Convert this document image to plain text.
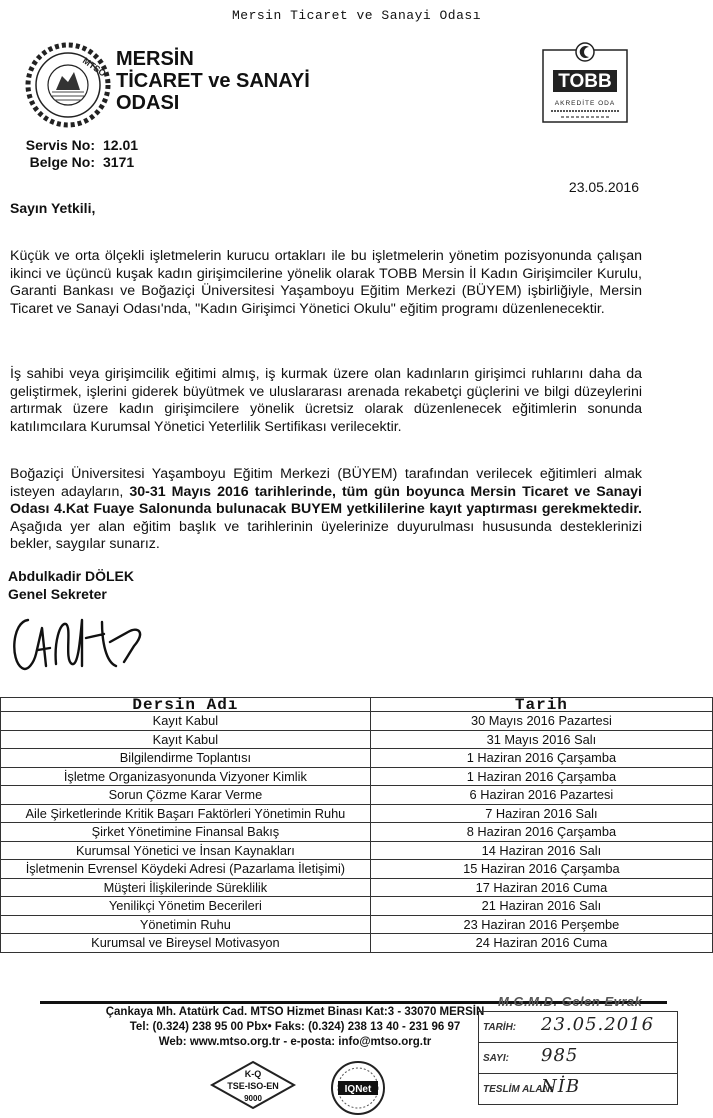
Mersin Ticaret ve Sanayi Odası
MTSO MERSİN
TİCARET ve SANAYİ
ODASI
TOBB
AKREDİTE ODA
Servis No: 12.01
Belge No: 3171
23.05.2016
Sayın Yetkili,

Küçük ve orta ölçekli işletmelerin kurucu ortakları ile bu işletmelerin yönetim pozisyonunda çalışan ikinci ve üçüncü kuşak kadın girişimcilerine yönelik olarak TOBB Mersin İl Kadın Girişimciler Kurulu, Garanti Bankası ve Boğaziçi Üniversitesi Yaşamboyu Eğitim Merkezi (BÜYEM) işbirliğiyle, Mersin Ticaret ve Sanayi Odası'nda, "Kadın Girişimci Yönetici Okulu" eğitim programı düzenlenecektir.

İş sahibi veya girişimcilik eğitimi almış, iş kurmak üzere olan kadınların girişimci ruhlarını daha da geliştirmek, işlerini giderek büyütmek ve uluslararası arenada rekabetçi güçlerini ve bilgi düzeylerini artırmak üzere kadın girişimcilere yönelik ücretsiz olarak düzenlenecek eğitimlerin sonunda katılımcılara Kurumsal Yönetici Yeterlilik Sertifikası verilecektir.

Boğaziçi Üniversitesi Yaşamboyu Eğitim Merkezi (BÜYEM) tarafından verilecek eğitimleri almak isteyen adayların, 30-31 Mayıs 2016 tarihlerinde, tüm gün boyunca Mersin Ticaret ve Sanayi Odası 4.Kat Fuaye Salonunda bulunacak BUYEM yetkililerine kayıt yaptırması gerekmektedir. Aşağıda yer alan eğitim başlık ve tarihlerinin üyelerinize duyurulması hususunda desteklerinizi bekler, saygılar sunarız.

Abdulkadir DÖLEK
Genel Sekreter
Dersin Adı	Tarih
Kayıt Kabul	30 Mayıs 2016 Pazartesi
Kayıt Kabul	31 Mayıs 2016 Salı
Bilgilendirme Toplantısı	1 Haziran 2016 Çarşamba
İşletme Organizasyonunda Vizyoner Kimlik	1 Haziran 2016 Çarşamba
Sorun Çözme Karar Verme	6 Haziran 2016 Pazartesi
Aile Şirketlerinde Kritik Başarı Faktörleri Yönetimin Ruhu	7 Haziran 2016 Salı
Şirket Yönetimine Finansal Bakış	8 Haziran 2016 Çarşamba
Kurumsal Yönetici ve İnsan Kaynakları	14 Haziran 2016 Salı
İşletmenin Evrensel Köydeki Adresi (Pazarlama İletişimi)	15 Haziran 2016 Çarşamba
Müşteri İlişkilerinde Süreklilik	17 Haziran 2016 Cuma
Yenilikçi Yönetim Becerileri	21 Haziran 2016 Salı
Yönetimin Ruhu	23 Haziran 2016 Perşembe
Kurumsal ve Bireysel Motivasyon	24 Haziran 2016 Cuma
Çankaya Mh. Atatürk Cad. MTSO Hizmet Binası Kat:3 - 33070 MERSİN
Tel: (0.324) 238 95 00 Pbx• Faks: (0.324) 238 13 40 - 231 96 97
Web: www.mtso.org.tr - e-posta: info@mtso.org.tr
K-Q
TSE-ISO-EN
9000
IQNet
M.G.M.D. Gelen Evrak
TARİH: 23.05.2016
SAYI: 985
TESLİM ALAN:
NİB
